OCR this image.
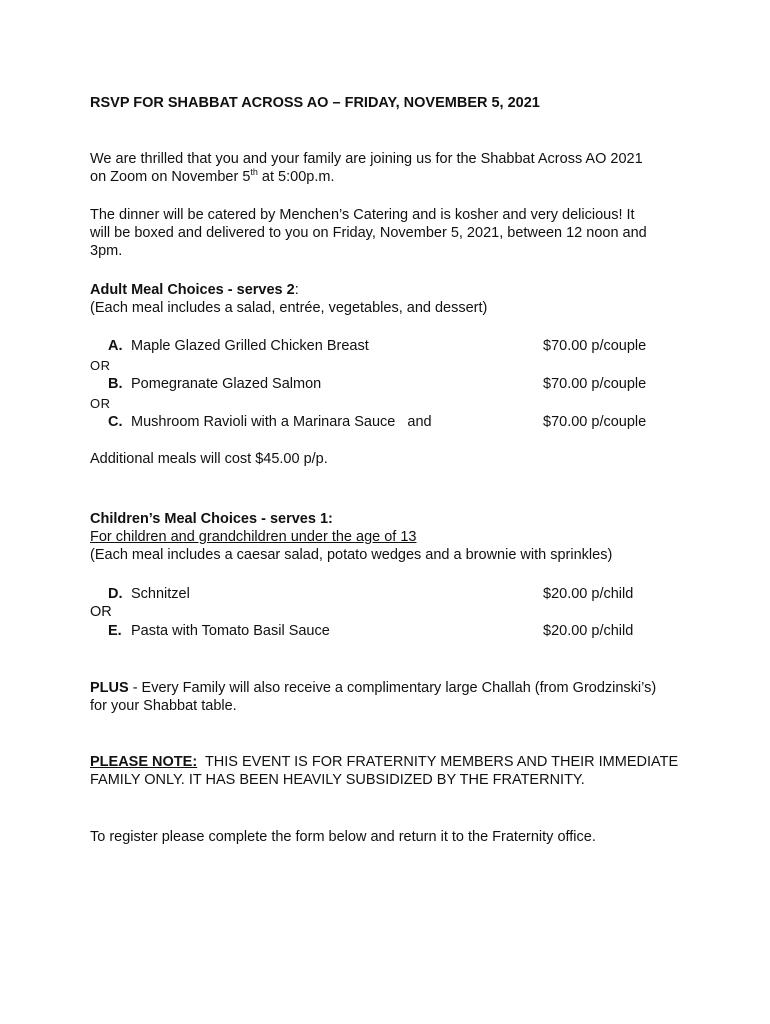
RSVP FOR SHABBAT ACROSS AO – FRIDAY, NOVEMBER 5, 2021
We are thrilled that you and your family are joining us for the Shabbat Across AO 2021
on Zoom on November 5th at 5:00p.m.
The dinner will be catered by Menchen’s Catering and is kosher and very delicious! It
will be boxed and delivered to you on Friday, November 5, 2021, between 12 noon and
3pm.
Adult Meal Choices - serves 2:
(Each meal includes a salad, entrée, vegetables, and dessert)
A. Maple Glazed Grilled Chicken Breast	$70.00 p/couple
OR
B. Pomegranate Glazed Salmon	$70.00 p/couple
OR
C. Mushroom Ravioli with a Marinara Sauce   and	$70.00 p/couple
Additional meals will cost $45.00 p/p.
Children’s Meal Choices - serves 1:
For children and grandchildren under the age of 13
(Each meal includes a caesar salad, potato wedges and a brownie with sprinkles)
D. Schnitzel	$20.00 p/child
OR
E. Pasta with Tomato Basil Sauce	$20.00 p/child
PLUS - Every Family will also receive a complimentary large Challah (from Grodzinski’s)
for your Shabbat table.
PLEASE NOTE:  THIS EVENT IS FOR FRATERNITY MEMBERS AND THEIR IMMEDIATE
FAMILY ONLY. IT HAS BEEN HEAVILY SUBSIDIZED BY THE FRATERNITY.
To register please complete the form below and return it to the Fraternity office.
